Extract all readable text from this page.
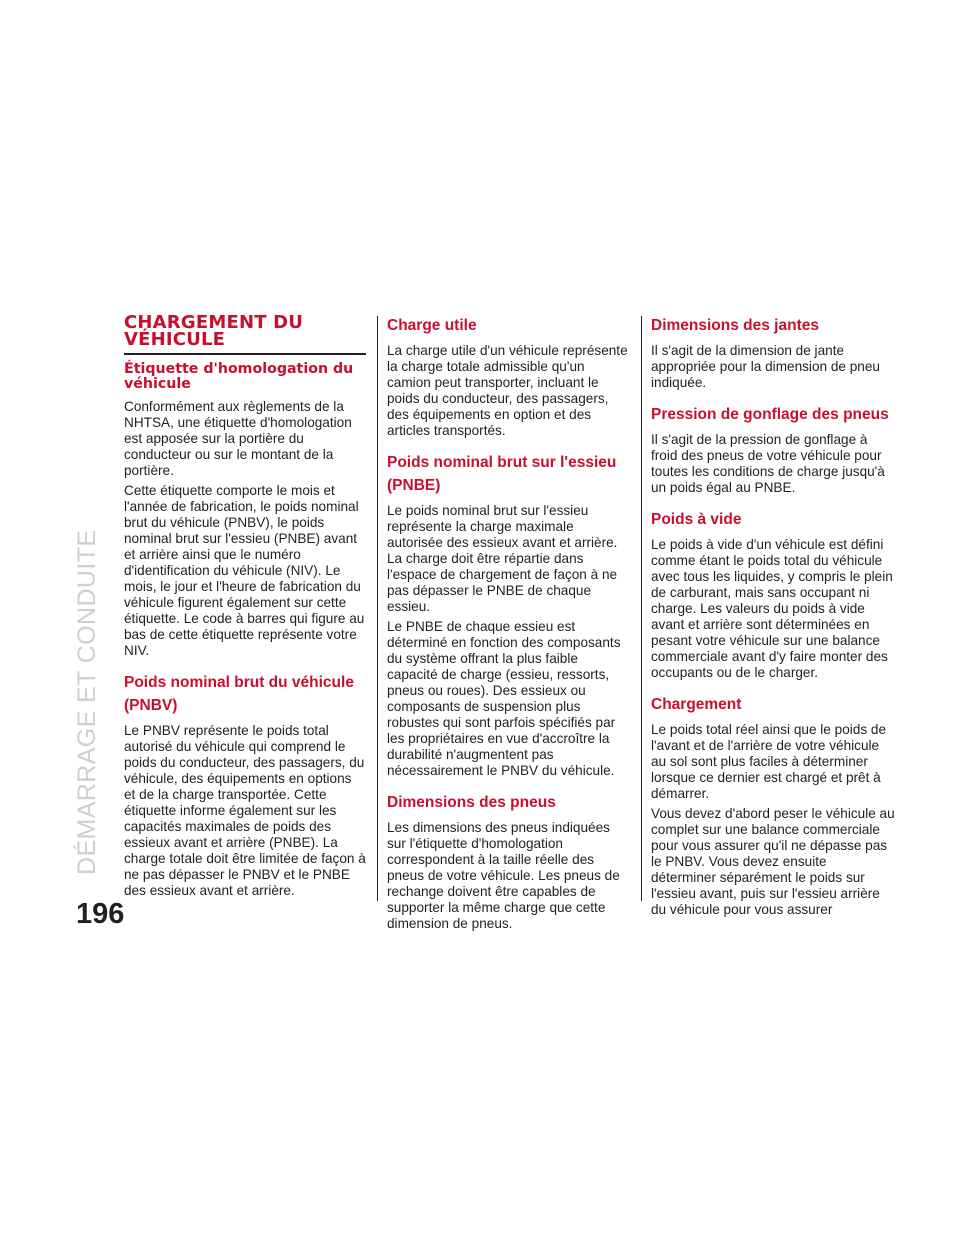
DÉMARRAGE ET CONDUITE
196
CHARGEMENT DU VÉHICULE
Étiquette d'homologation du véhicule

Conformément aux règlements de la NHTSA, une étiquette d'homologation est apposée sur la portière du conducteur ou sur le montant de la portière.

Cette étiquette comporte le mois et l'année de fabrication, le poids nominal brut du véhicule (PNBV), le poids nominal brut sur l'essieu (PNBE) avant et arrière ainsi que le numéro d'identification du véhicule (NIV). Le mois, le jour et l'heure de fabrication du véhicule figurent également sur cette étiquette. Le code à barres qui figure au bas de cette étiquette représente votre NIV.

Poids nominal brut du véhicule (PNBV)

Le PNBV représente le poids total autorisé du véhicule qui comprend le poids du conducteur, des passagers, du véhicule, des équipements en options et de la charge transportée. Cette étiquette informe également sur les capacités maximales de poids des essieux avant et arrière (PNBE). La charge totale doit être limitée de façon à ne pas dépasser le PNBV et le PNBE des essieux avant et arrière.

Charge utile

La charge utile d'un véhicule représente la charge totale admissible qu'un camion peut transporter, incluant le poids du conducteur, des passagers, des équipements en option et des articles transportés.

Poids nominal brut sur l'essieu (PNBE)

Le poids nominal brut sur l'essieu représente la charge maximale autorisée des essieux avant et arrière. La charge doit être répartie dans l'espace de chargement de façon à ne pas dépasser le PNBE de chaque essieu.

Le PNBE de chaque essieu est déterminé en fonction des composants du système offrant la plus faible capacité de charge (essieu, ressorts, pneus ou roues). Des essieux ou composants de suspension plus robustes qui sont parfois spécifiés par les propriétaires en vue d'accroître la durabilité n'augmentent pas nécessairement le PNBV du véhicule.

Dimensions des pneus

Les dimensions des pneus indiquées sur l'étiquette d'homologation correspondent à la taille réelle des pneus de votre véhicule. Les pneus de rechange doivent être capables de supporter la même charge que cette dimension de pneus.

Dimensions des jantes

Il s'agit de la dimension de jante appropriée pour la dimension de pneu indiquée.

Pression de gonflage des pneus

Il s'agit de la pression de gonflage à froid des pneus de votre véhicule pour toutes les conditions de charge jusqu'à un poids égal au PNBE.

Poids à vide

Le poids à vide d'un véhicule est défini comme étant le poids total du véhicule avec tous les liquides, y compris le plein de carburant, mais sans occupant ni charge. Les valeurs du poids à vide avant et arrière sont déterminées en pesant votre véhicule sur une balance commerciale avant d'y faire monter des occupants ou de le charger.

Chargement

Le poids total réel ainsi que le poids de l'avant et de l'arrière de votre véhicule au sol sont plus faciles à déterminer lorsque ce dernier est chargé et prêt à démarrer.

Vous devez d'abord peser le véhicule au complet sur une balance commerciale pour vous assurer qu'il ne dépasse pas le PNBV. Vous devez ensuite déterminer séparément le poids sur l'essieu avant, puis sur l'essieu arrière du véhicule pour vous assurer
